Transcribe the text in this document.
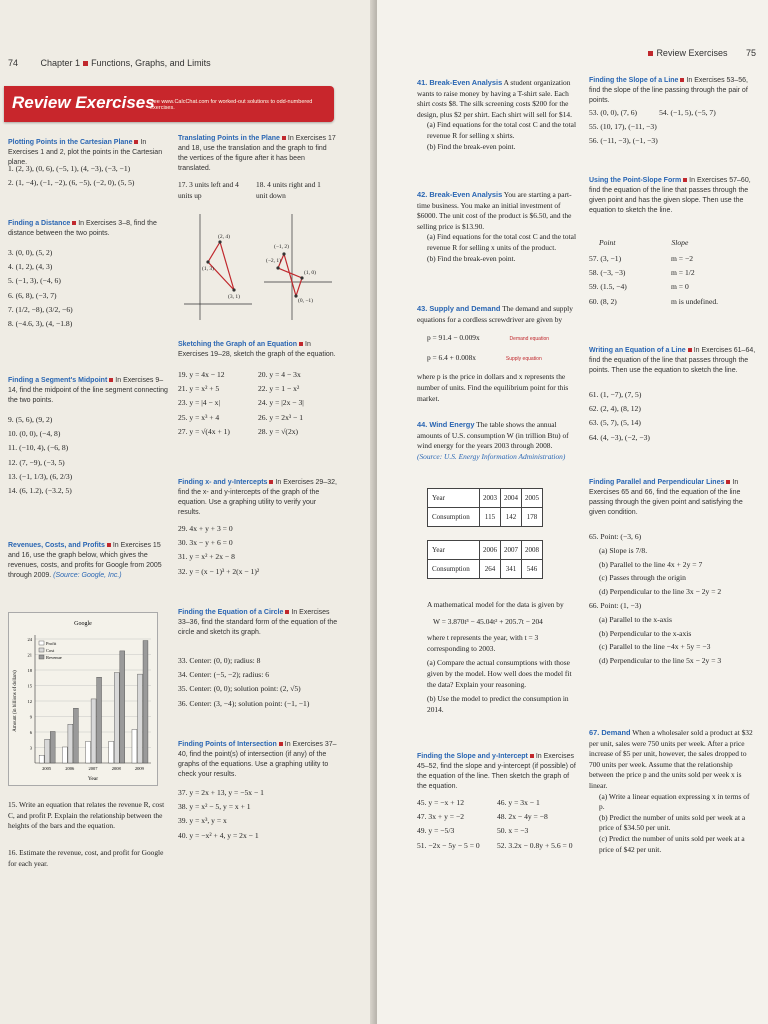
74	Chapter 1 Functions, Graphs, and Limits
Review Exercises
See www.CalcChat.com for worked-out solutions to odd-numbered exercises.
Plotting Points in the Cartesian Plane In Exercises 1 and 2, plot the points in the Cartesian plane.
1. (2, 3), (0, 6), (−5, 1), (4, −3), (−3, −1)
2. (1, −4), (−1, −2), (6, −5), (−2, 0), (5, 5)
Finding a Distance In Exercises 3–8, find the distance between the two points.
3. (0, 0), (5, 2)
4. (1, 2), (4, 3)
5. (−1, 3), (−4, 6)
6. (6, 8), (−3, 7)
7. (1/2, −8), (3/2, −6)
8. (−4.6, 3), (4, −1.8)
Finding a Segment's Midpoint In Exercises 9–14, find the midpoint of the line segment connecting the two points.
9. (5, 6), (9, 2)
10. (0, 0), (−4, 8)
11. (−10, 4), (−6, 8)
12. (7, −9), (−3, 5)
13. (−1, 1/3), (6, 2/3)
14. (6, 1.2), (−3.2, 5)
Revenues, Costs, and Profits In Exercises 15 and 16, use the graph below, which gives the revenues, costs, and profits for Google from 2005 through 2009. (Source: Google, Inc.)
Google
3
6
9
12
15
18
21
24
2005	2006	2007	2008	2009
Year
Amount (in billions of dollars)
Profit
Cost
Revenue
15. Write an equation that relates the revenue R, cost C, and profit P. Explain the relationship between the heights of the bars and the equation.
16. Estimate the revenue, cost, and profit for Google for each year.
Translating Points in the Plane In Exercises 17 and 18, use the translation and the graph to find the vertices of the figure after it has been translated.
17. 3 units left and 4 units up
18. 4 units right and 1 unit down
(2, 4)
(1, 3)
(3, 1)
(−1, 2)
(−2, 1)
(1, 0)
(0, −1)
Sketching the Graph of an Equation In Exercises 19–28, sketch the graph of the equation.
19. y = 4x − 12
21. y = x² + 5
23. y = |4 − x|
25. y = x³ + 4
27. y = √(4x + 1)
20. y = 4 − 3x
22. y = 1 − x²
24. y = |2x − 3|
26. y = 2x³ − 1
28. y = √(2x)
Finding x- and y-Intercepts In Exercises 29–32, find the x- and y-intercepts of the graph of the equation. Use a graphing utility to verify your results.
29. 4x + y + 3 = 0
30. 3x − y + 6 = 0
31. y = x² + 2x − 8
32. y = (x − 1)³ + 2(x − 1)²
Finding the Equation of a Circle In Exercises 33–36, find the standard form of the equation of the circle and sketch its graph.
33. Center: (0, 0); radius: 8
34. Center: (−5, −2); radius: 6
35. Center: (0, 0); solution point: (2, √5)
36. Center: (3, −4); solution point: (−1, −1)
Finding Points of Intersection In Exercises 37–40, find the point(s) of intersection (if any) of the graphs of the equations. Use a graphing utility to check your results.
37. y = 2x + 13, y = −5x − 1
38. y = x² − 5, y = x + 1
39. y = x³, y = x
40. y = −x² + 4, y = 2x − 1
Review Exercises 75
41. Break-Even Analysis A student organization wants to raise money by having a T-shirt sale. Each shirt costs $8. The silk screening costs $200 for the design, plus $2 per shirt. Each shirt will sell for $14.
(a) Find equations for the total cost C and the total revenue R for selling x shirts.
(b) Find the break-even point.
42. Break-Even Analysis You are starting a part-time business. You make an initial investment of $6000. The unit cost of the product is $6.50, and the selling price is $13.90.
(a) Find equations for the total cost C and the total revenue R for selling x units of the product.
(b) Find the break-even point.
43. Supply and Demand The demand and supply equations for a cordless screwdriver are given by
p = 91.4 − 0.009x	Demand equation
p = 6.4 + 0.008x	Supply equation
where p is the price in dollars and x represents the number of units. Find the equilibrium point for this market.
44. Wind Energy The table shows the annual amounts of U.S. consumption W (in trillion Btu) of wind energy for the years 2003 through 2008. (Source: U.S. Energy Information Administration)
Year	2003	2004	2005
Consumption	115	142	178
Year	2006	2007	2008
Consumption	264	341	546
A mathematical model for the data is given by
W = 3.870t³ − 45.04t² + 205.7t − 204
where t represents the year, with t = 3 corresponding to 2003.
(a) Compare the actual consumptions with those given by the model. How well does the model fit the data? Explain your reasoning.
(b) Use the model to predict the consumption in 2014.
Finding the Slope and y-Intercept In Exercises 45–52, find the slope and y-intercept (if possible) of the equation of the line. Then sketch the graph of the equation.
45. y = −x + 12
47. 3x + y = −2
49. y = −5/3
51. −2x − 5y − 5 = 0
46. y = 3x − 1
48. 2x − 4y = −8
50. x = −3
52. 3.2x − 0.8y + 5.6 = 0
Finding the Slope of a Line In Exercises 53–56, find the slope of the line passing through the pair of points.
53. (0, 0), (7, 6)	54. (−1, 5), (−5, 7)
55. (10, 17), (−11, −3)
56. (−11, −3), (−1, −3)
Using the Point-Slope Form In Exercises 57–60, find the equation of the line that passes through the given point and has the given slope. Then use the equation to sketch the line.
Point	Slope
57. (3, −1)	m = −2
58. (−3, −3)	m = 1/2
59. (1.5, −4)	m = 0
60. (8, 2)	m is undefined.
Writing an Equation of a Line In Exercises 61–64, find the equation of the line that passes through the points. Then use the equation to sketch the line.
61. (1, −7), (7, 5)
62. (2, 4), (8, 12)
63. (5, 7), (5, 14)
64. (4, −3), (−2, −3)
Finding Parallel and Perpendicular Lines In Exercises 65 and 66, find the equation of the line passing through the given point and satisfying the given condition.
65. Point: (−3, 6)
(a) Slope is 7/8.
(b) Parallel to the line 4x + 2y = 7
(c) Passes through the origin
(d) Perpendicular to the line 3x − 2y = 2
66. Point: (1, −3)
(a) Parallel to the x-axis
(b) Perpendicular to the x-axis
(c) Parallel to the line −4x + 5y = −3
(d) Perpendicular to the line 5x − 2y = 3
67. Demand When a wholesaler sold a product at $32 per unit, sales were 750 units per week. After a price increase of $5 per unit, however, the sales dropped to 700 units per week. Assume that the relationship between the price p and the units sold per week x is linear.
(a) Write a linear equation expressing x in terms of p.
(b) Predict the number of units sold per week at a price of $34.50 per unit.
(c) Predict the number of units sold per week at a price of $42 per unit.
